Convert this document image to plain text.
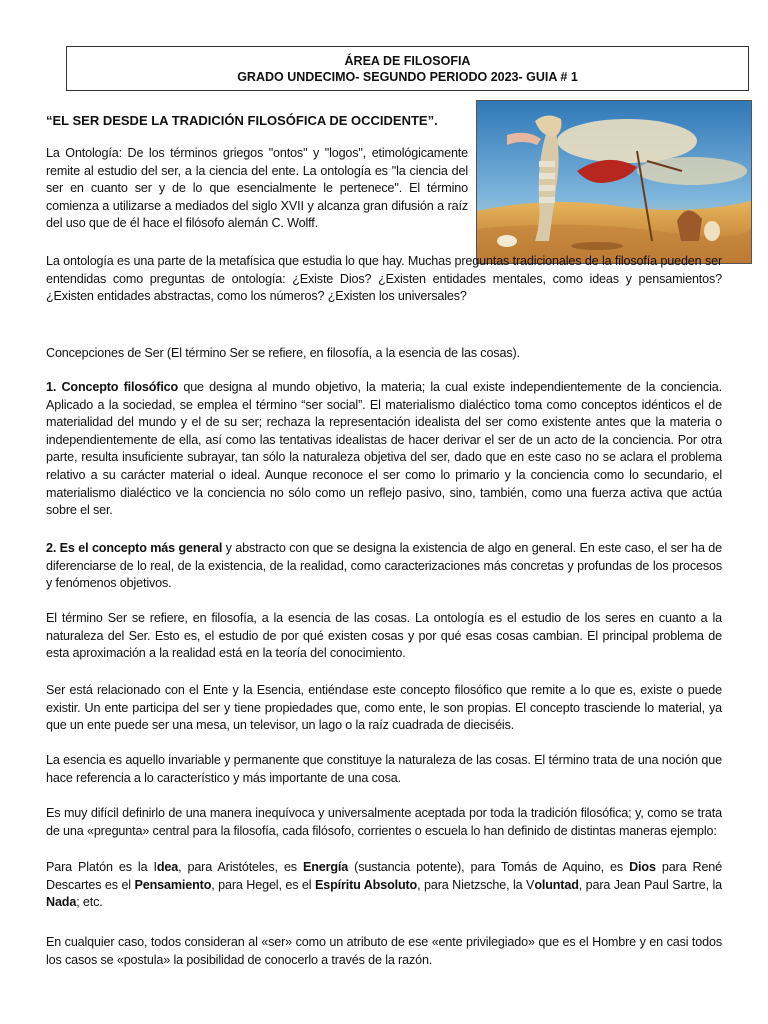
ÁREA DE FILOSOFIA
GRADO UNDECIMO- SEGUNDO PERIODO 2023- GUIA # 1
“EL SER DESDE LA TRADICIÓN FILOSÓFICA DE OCCIDENTE”.
La Ontología: De los términos griegos "ontos" y "logos", etimológicamente remite al estudio del ser, a la ciencia del ente. La ontología es "la ciencia del ser en cuanto ser y de lo que esencialmente le pertenece". El término comienza a utilizarse a mediados del siglo XVII y alcanza gran difusión a raíz del uso que de él hace el filósofo alemán C. Wolff.
La ontología es una parte de la metafísica que estudia lo que hay. Muchas preguntas tradicionales de la filosofía pueden ser entendidas como preguntas de ontología: ¿Existe Dios? ¿Existen entidades mentales, como ideas y pensamientos? ¿Existen entidades abstractas, como los números? ¿Existen los universales?
Concepciones de Ser (El término Ser se refiere, en filosofía, a la esencia de las cosas).
1. Concepto filosófico que designa al mundo objetivo, la materia; la cual existe independientemente de la conciencia. Aplicado a la sociedad, se emplea el término “ser social”. El materialismo dialéctico toma como conceptos idénticos el de materialidad del mundo y el de su ser; rechaza la representación idealista del ser como existente antes que la materia o independientemente de ella, así como las tentativas idealistas de hacer derivar el ser de un acto de la conciencia. Por otra parte, resulta insuficiente subrayar, tan sólo la naturaleza objetiva del ser, dado que en este caso no se aclara el problema relativo a su carácter material o ideal. Aunque reconoce el ser como lo primario y la conciencia como lo secundario, el materialismo dialéctico ve la conciencia no sólo como un reflejo pasivo, sino, también, como una fuerza activa que actúa sobre el ser.
2. Es el concepto más general y abstracto con que se designa la existencia de algo en general. En este caso, el ser ha de diferenciarse de lo real, de la existencia, de la realidad, como caracterizaciones más concretas y profundas de los procesos y fenómenos objetivos.
El término Ser se refiere, en filosofía, a la esencia de las cosas. La ontología es el estudio de los seres en cuanto a la naturaleza del Ser. Esto es, el estudio de por qué existen cosas y por qué esas cosas cambian. El principal problema de esta aproximación a la realidad está en la teoría del conocimiento.
Ser está relacionado con el Ente y la Esencia, entiéndase este concepto filosófico que remite a lo que es, existe o puede existir. Un ente participa del ser y tiene propiedades que, como ente, le son propias. El concepto trasciende lo material, ya que un ente puede ser una mesa, un televisor, un lago o la raíz cuadrada de dieciséis.
La esencia es aquello invariable y permanente que constituye la naturaleza de las cosas. El término trata de una noción que hace referencia a lo característico y más importante de una cosa.
Es muy difícil definirlo de una manera inequívoca y universalmente aceptada por toda la tradición filosófica; y, como se trata de una «pregunta» central para la filosofía, cada filósofo, corrientes o escuela lo han definido de distintas maneras ejemplo:
Para Platón es la Idea, para Aristóteles, es Energía (sustancia potente), para Tomás de Aquino, es Dios para René Descartes es el Pensamiento, para Hegel, es el Espíritu Absoluto, para Nietzsche, la Voluntad, para Jean Paul Sartre, la Nada; etc.
En cualquier caso, todos consideran al «ser» como un atributo de ese «ente privilegiado» que es el Hombre y en casi todos los casos se «postula» la posibilidad de conocerlo a través de la razón.
